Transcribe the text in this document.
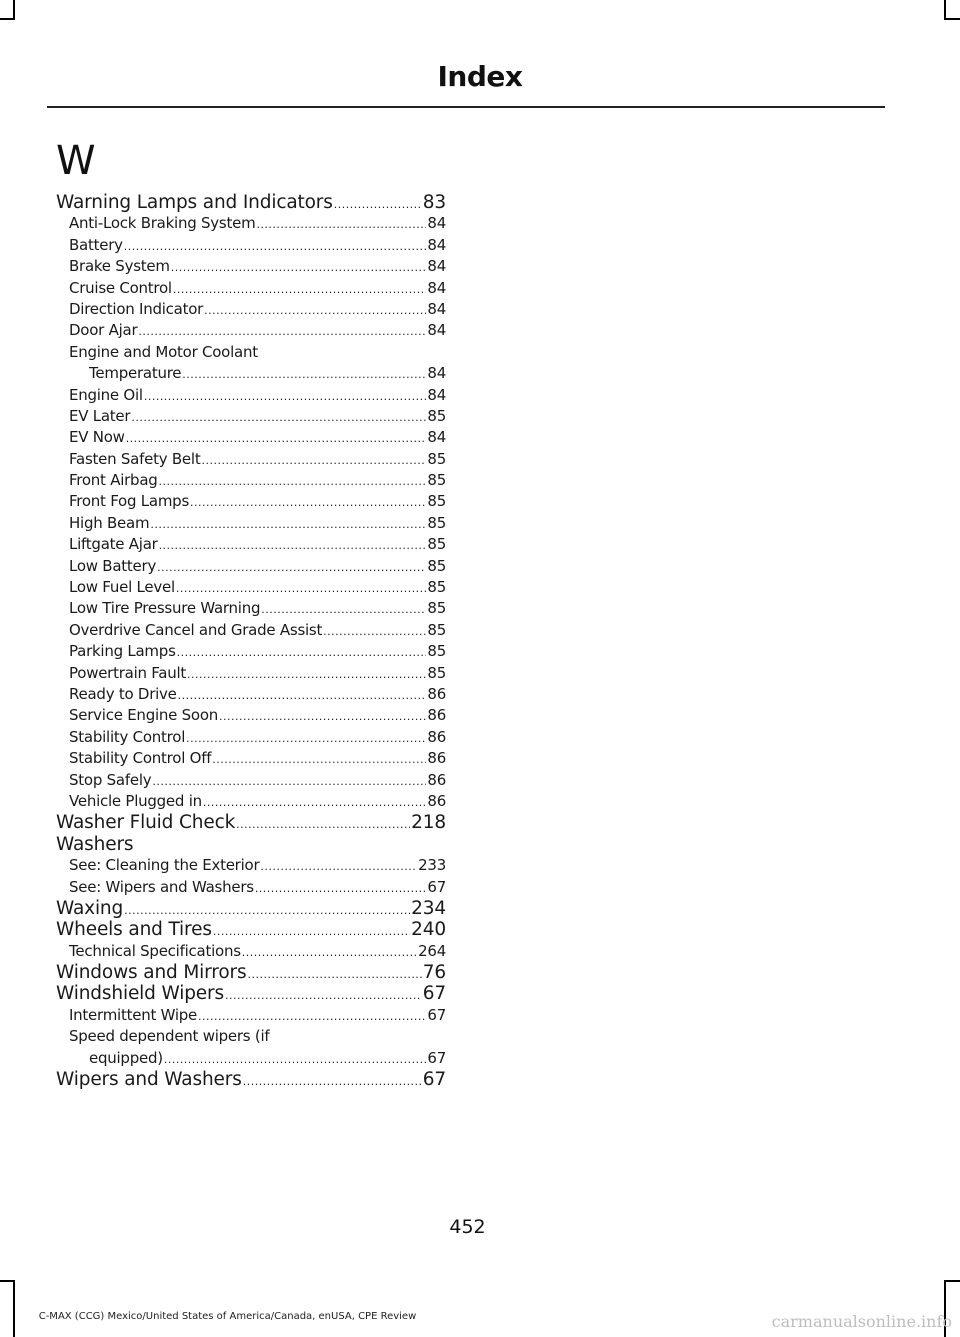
Index
W
Warning Lamps and Indicators .....	83
Anti-Lock Braking System .....	84
Battery .....	84
Brake System .....	84
Cruise Control .....	84
Direction Indicator .....	84
Door Ajar .....	84
Engine and Motor Coolant
Temperature .....	84
Engine Oil .....	84
EV Later .....	85
EV Now .....	84
Fasten Safety Belt .....	85
Front Airbag .....	85
Front Fog Lamps .....	85
High Beam .....	85
Liftgate Ajar .....	85
Low Battery .....	85
Low Fuel Level .....	85
Low Tire Pressure Warning .....	85
Overdrive Cancel and Grade Assist .....	85
Parking Lamps .....	85
Powertrain Fault .....	85
Ready to Drive .....	86
Service Engine Soon .....	86
Stability Control .....	86
Stability Control Off .....	86
Stop Safely .....	86
Vehicle Plugged in .....	86
Washer Fluid Check .....	218
Washers
See: Cleaning the Exterior .....	233
See: Wipers and Washers .....	67
Waxing .....	234
Wheels and Tires .....	240
Technical Specifications .....	264
Windows and Mirrors .....	76
Windshield Wipers .....	67
Intermittent Wipe .....	67
Speed dependent wipers (if
equipped) .....	67
Wipers and Washers .....	67
452
C-MAX (CCG) Mexico/United States of America/Canada, enUSA, CPE Review	carmanualsonline.info
